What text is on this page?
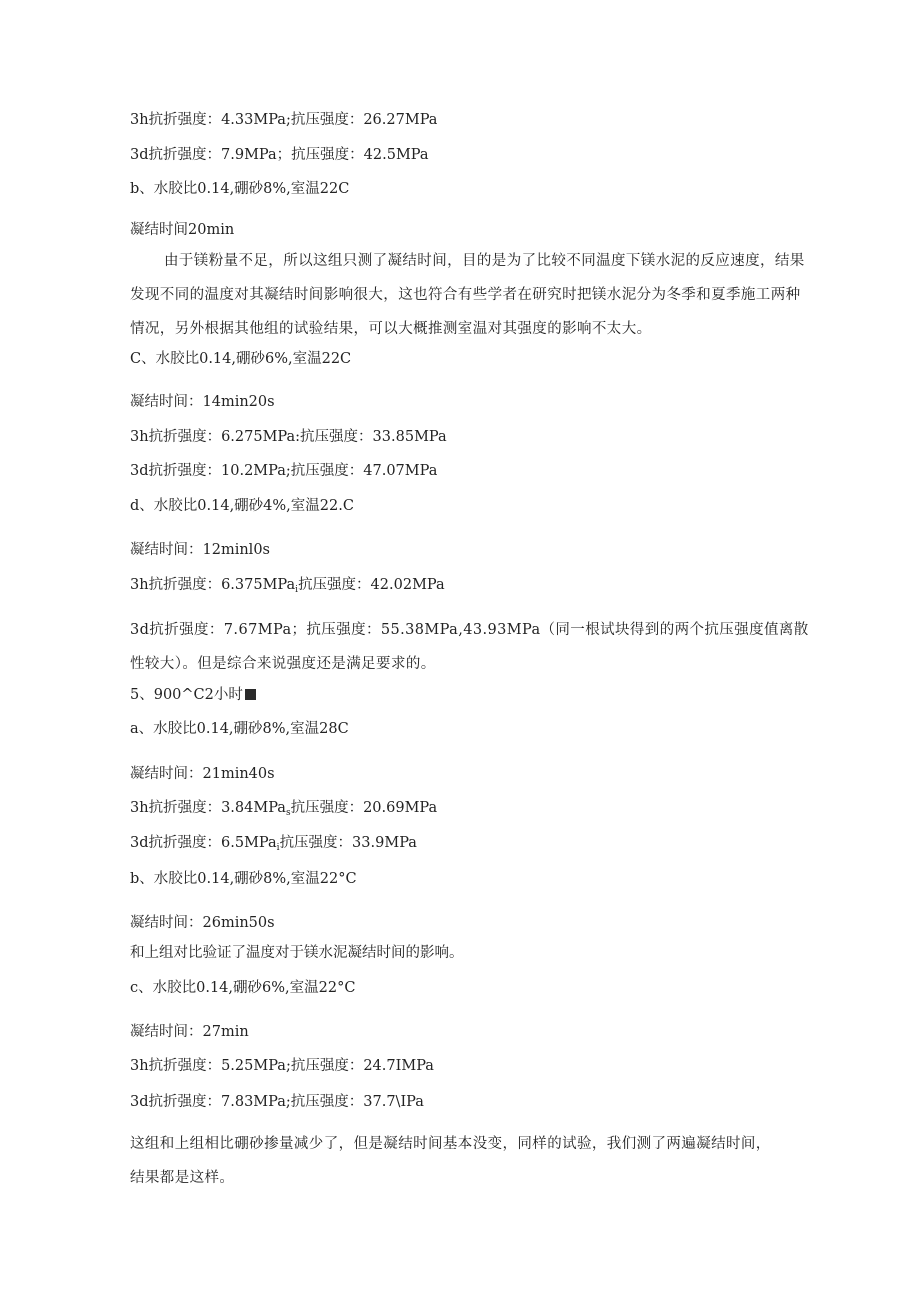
3h抗折强度：4.33MPa;抗压强度：26.27MPa
3d抗折强度：7.9MPa；抗压强度：42.5MPa
b、水胶比0.14,硼砂8%,室温22C
凝结时间20min
由于镁粉量不足，所以这组只测了凝结时间，目的是为了比较不同温度下镁水泥的反应速度，结果发现不同的温度对其凝结时间影响很大，这也符合有些学者在研究时把镁水泥分为冬季和夏季施工两种情况，另外根据其他组的试验结果，可以大概推测室温对其强度的影响不太大。
C、水胶比0.14,硼砂6%,室温22C
凝结时间：14min20s
3h抗折强度：6.275MPa:抗压强度：33.85MPa
3d抗折强度：10.2MPa;抗压强度：47.07MPa
d、水胶比0.14,硼砂4%,室温22.C
凝结时间：12minl0s
3h抗折强度：6.375MPa$_i$抗压强度：42.02MPa
3d抗折强度：7.67MPa；抗压强度：55.38MPa,43.93MPa（同一根试块得到的两个抗压强度值离散性较大）。但是综合来说强度还是满足要求的。
5、900^C2小时
a、水胶比0.14,硼砂8%,室温28C
凝结时间：21min40s
3h抗折强度：3.84MPa$_s$抗压强度：20.69MPa
3d抗折强度：6.5MPa$_i$抗压强度：33.9MPa
b、水胶比0.14,硼砂8%,室温22°C
凝结时间：26min50s
和上组对比验证了温度对于镁水泥凝结时间的影响。
c、水胶比0.14,硼砂6%,室温22°C
凝结时间：27min
3h抗折强度：5.25MPa;抗压强度：24.7IMPa
3d抗折强度：7.83MPa;抗压强度：37.7\IPa
这组和上组相比硼砂掺量减少了，但是凝结时间基本没变，同样的试验，我们测了两遍凝结时间，结果都是这样。
